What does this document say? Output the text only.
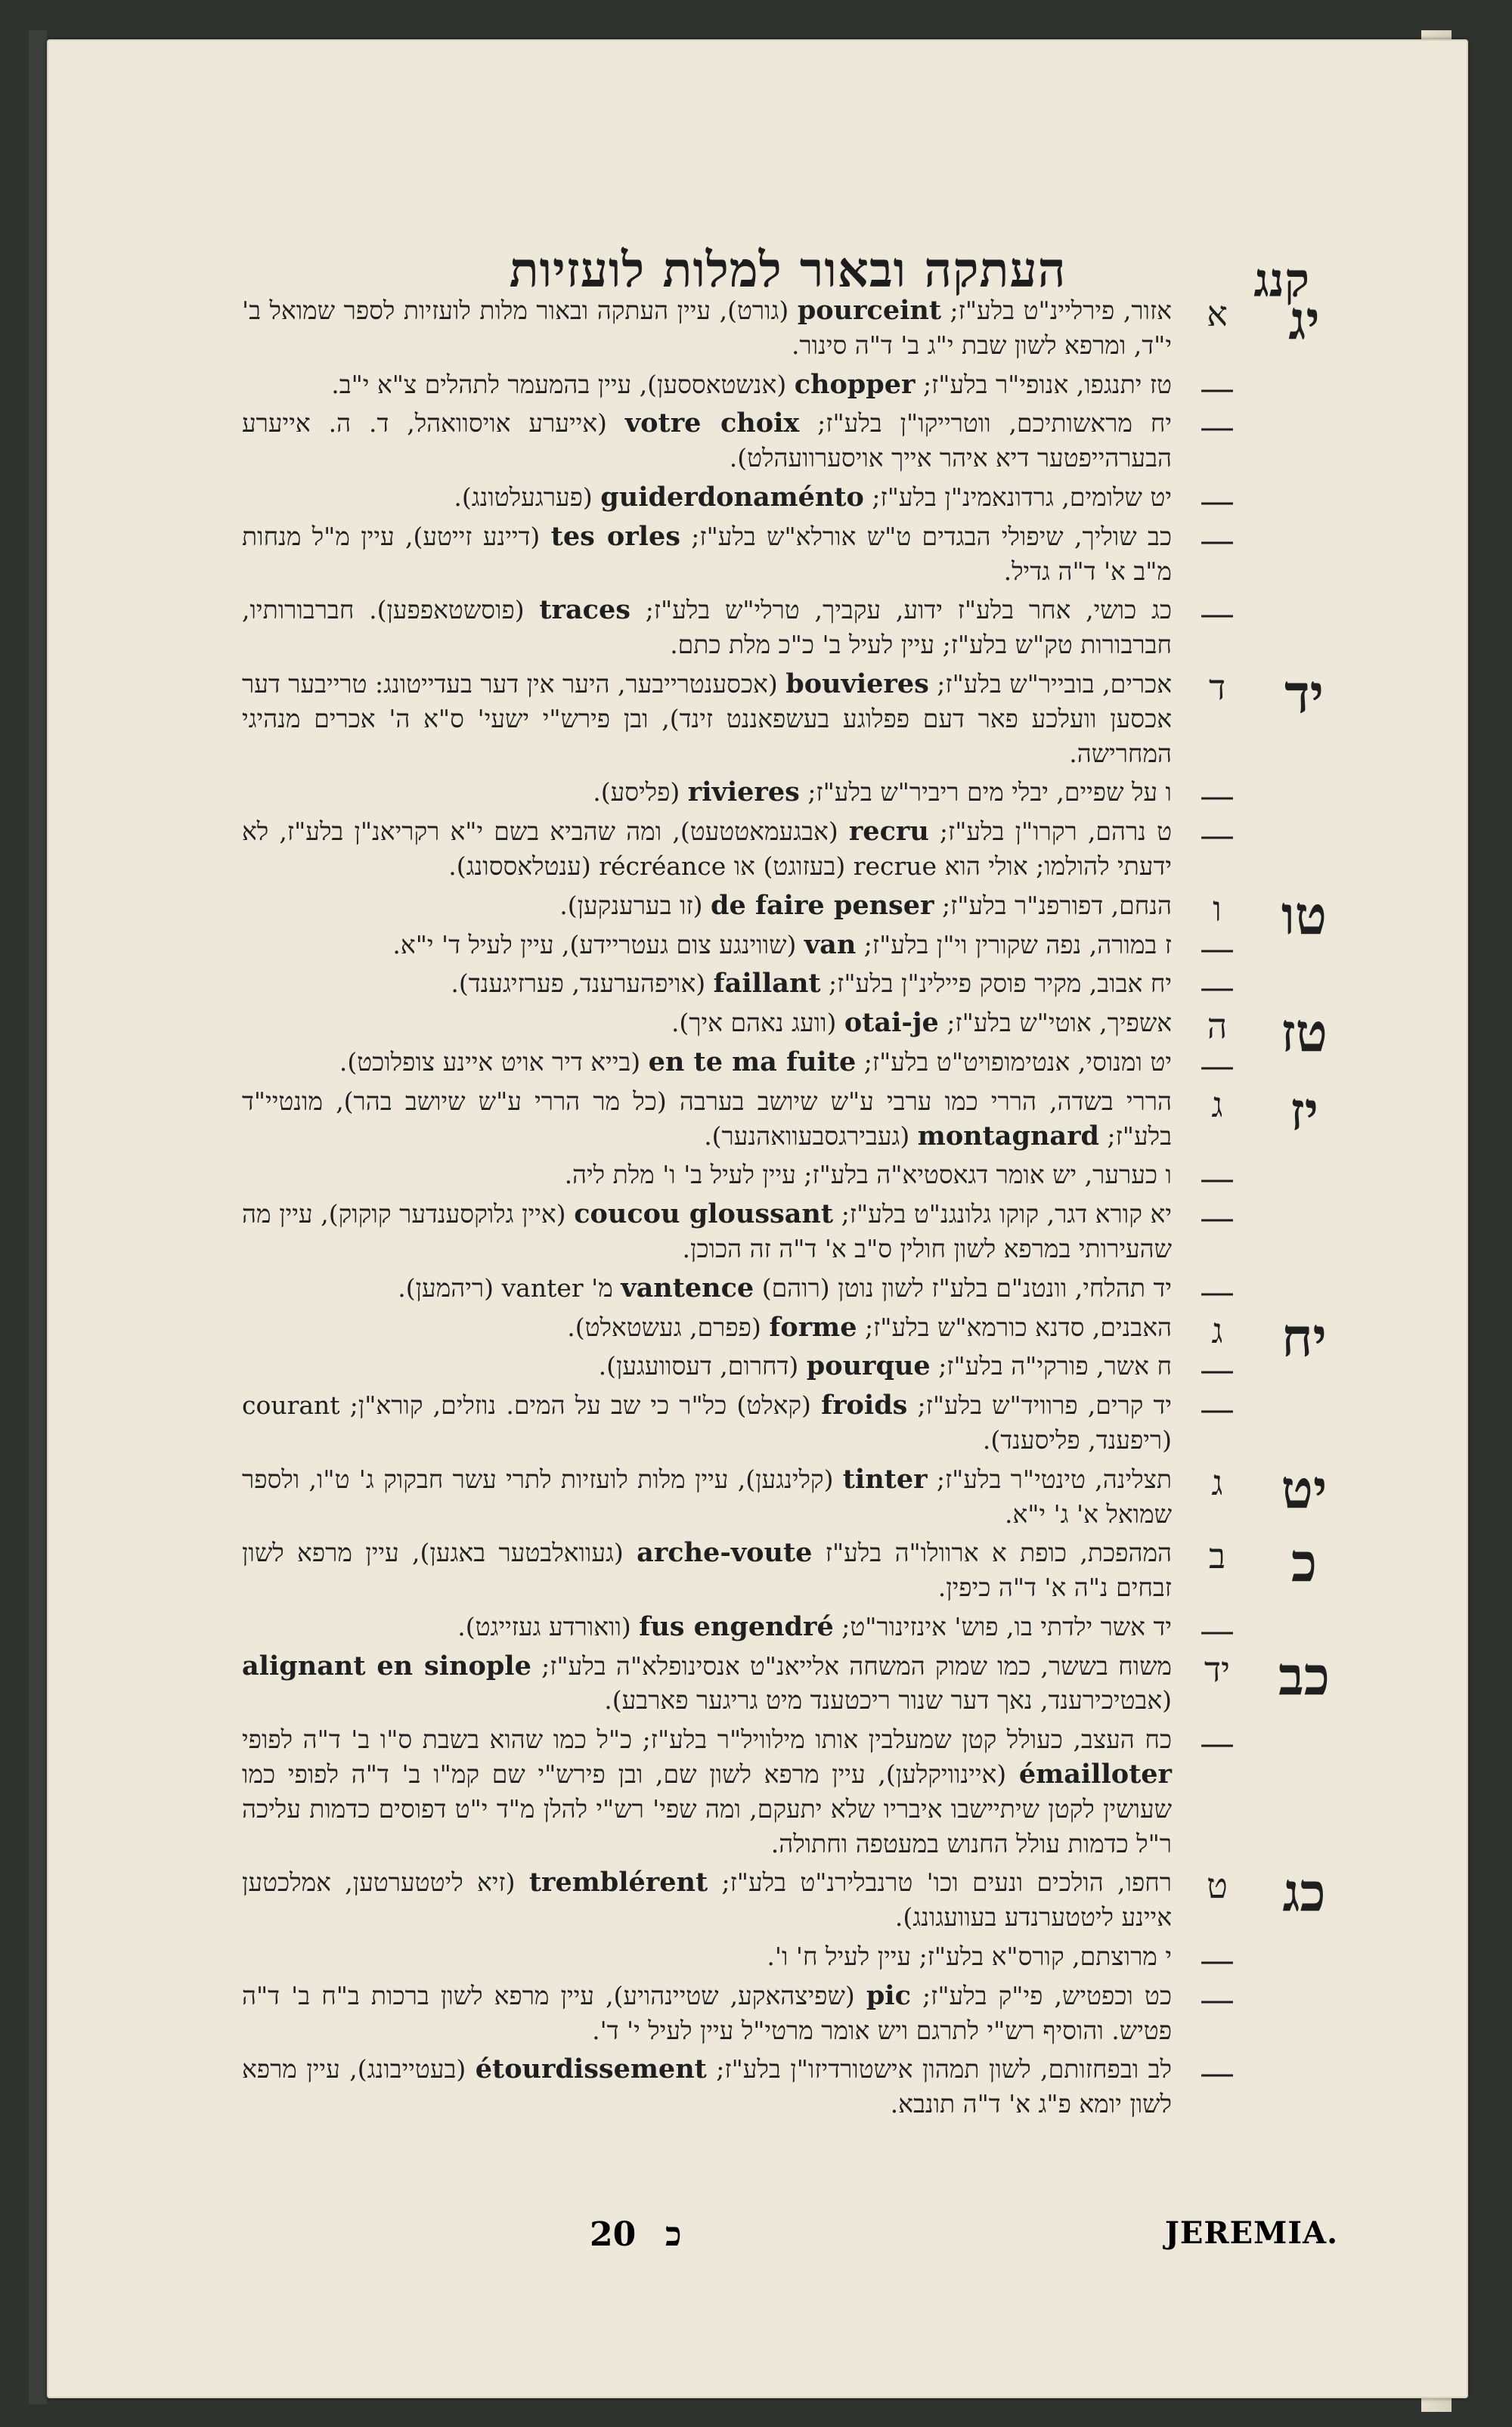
העתקה ובאור למלות לועזיות	קנג
יג
א
אזור, פירליינ"ט בלע"ז; pourceint (גורט), עיין העתקה ובאור מלות לועזיות לספר שמואל ב' י"ד, ומרפא לשון שבת י"ג ב' ד"ה סינור.
—
טז יתנגפו, אנופי"ר בלע"ז; chopper (אנשטאססען), עיין בהמעמר לתהלים צ"א י"ב.
—
יח מראשותיכם, ווטרייקו"ן בלע"ז; votre choix (אייערע אויסוואהל, ד. ה. אייערע הבערהייפטער דיא איהר אייך אויסערוועהלט).
—
יט שלומים, גרדונאמינ"ן בלע"ז; guiderdonaménto (פערגעלטונג).
—
כב שוליך, שיפולי הבגדים ט"ש אורלא"ש בלע"ז; tes orles (דיינע זייטע), עיין מ"ל מנחות מ"ב א' ד"ה גדיל.
—
כג כושי, אחר בלע"ז ידוע, עקביך, טרלי"ש בלע"ז; traces (פוסשטאפפען). חברבורותיו, חברבורות טק"ש בלע"ז; עיין לעיל ב' כ"כ מלת כתם.
יד
ד
אכרים, בובייר"ש בלע"ז; bouvieres (אכסענטרייבער, היער אין דער בעדייטונג: טרייבער דער אכסען וועלכע פאר דעם פפלוגע בעשפאננט זינד), ובן פירש"י ישעי' ס"א ה' אכרים מנהיגי המחרישה.
—
ו על שפיים, יבלי מים ריביר"ש בלע"ז; rivieres (פליסע).
—
ט נרהם, רקרו"ן בלע"ז; recru (אבגעמאטטעט), ומה שהביא בשם י"א רקריאנ"ן בלע"ז, לא ידעתי להולמו; אולי הוא recrue (בעזוגט) או récréance (ענטלאססונג).
טו
ו
הנחם, דפורפנ"ר בלע"ז; de faire penser (זו בערענקען).
—
ז במורה, נפה שקורין וי"ן בלע"ז; van (שווינגע צום געטריידע), עיין לעיל ד' י"א.
—
יח אבוב, מקיר פוסק פיילינ"ן בלע"ז; faillant (אויפהערענד, פערזיגענד).
טז
ה
אשפיך, אוטי"ש בלע"ז; otai-je (וועג נאהם איך).
—
יט ומנוסי, אנטימופויט"ט בלע"ז; en te ma fuite (בייא דיר אויט איינע צופלוכט).
יז
ג
הררי בשדה, הררי כמו ערבי ע"ש שיושב בערבה (כל מר הררי ע"ש שיושב בהר), מונטיי"ד בלע"ז; montagnard (געבירגסבעוואהנער).
—
ו כערער, יש אומר דגאסטיא"ה בלע"ז; עיין לעיל ב' ו' מלת ליה.
—
יא קורא דגר, קוקו גלונגנ"ט בלע"ז; coucou gloussant (איין גלוקסענדער קוקוק), עיין מה שהעירותי במרפא לשון חולין ס"ב א' ד"ה זה הכוכן.
—
יד תהלחי, וונטנ"ם בלע"ז לשון נוטן (רוהם) vantence מ' vanter (ריהמען).
יח
ג
האבנים, סדנא כורמא"ש בלע"ז; forme (פפרם, געשטאלט).
—
ח אשר, פורקי"ה בלע"ז; pourque (דחרום, דעסוועגען).
—
יד קרים, פרוויד"ש בלע"ז; froids (קאלט) כל"ר כי שב על המים. נוזלים, קורא"ן; courant (ריפענד, פליסענד).
יט
ג
תצלינה, טינטי"ר בלע"ז; tinter (קלינגען), עיין מלות לועזיות לתרי עשר חבקוק ג' ט"ו, ולספר שמואל א' ג' י"א.
כ
ב
המהפכת, כופת א ארוולו"ה בלע"ז arche-voute (געוואלבטער באגען), עיין מרפא לשון זבחים נ"ה א' ד"ה כיפין.
—
יד אשר ילדתי בו, פוש' אינזינור"ט; fus engendré (וואורדע געזייגט).
כב
יד
משוח בששר, כמו שמוק המשחה אלייאנ"ט אנסינופלא"ה בלע"ז; alignant en sinople (אבטיכירענד, נאך דער שנור ריכטענד מיט גריגער פארבע).
—
כח העצב, כעולל קטן שמעלבין אותו מילוויל"ר בלע"ז; כ"ל כמו שהוא בשבת ס"ו ב' ד"ה לפופי émailloter (איינוויקלען), עיין מרפא לשון שם, ובן פירש"י שם קמ"ו ב' ד"ה לפופי כמו שעושין לקטן שיתיישבו איבריו שלא יתעקם, ומה שפי' רש"י להלן מ"ד י"ט דפוסים כדמות עליכה ר"ל כדמות עולל החנוש במעטפה וחתולה.
כג
ט
רחפו, הולכים ונעים וכו' טרנבלירנ"ט בלע"ז; tremblérent (זיא ליטטערטען, אמלכטען איינע ליטטערנדע בעוועגונג).
—
י מרוצתם, קורס"א בלע"ז; עיין לעיל ח' ו'.
—
כט וכפטיש, פי"ק בלע"ז; pic (שפיצהאקע, שטיינהויע), עיין מרפא לשון ברכות ב"ח ב' ד"ה פטיש. והוסיף רש"י לתרגם ויש אומר מרטי"ל עיין לעיל י' ד'.
—
לב ובפחזותם, לשון תמהון אישטורדיזו"ן בלע"ז; étourdissement (בעטייבונג), עיין מרפא לשון יומא פ"ג א' ד"ה תונבא.
20 כ	JEREMIA.
